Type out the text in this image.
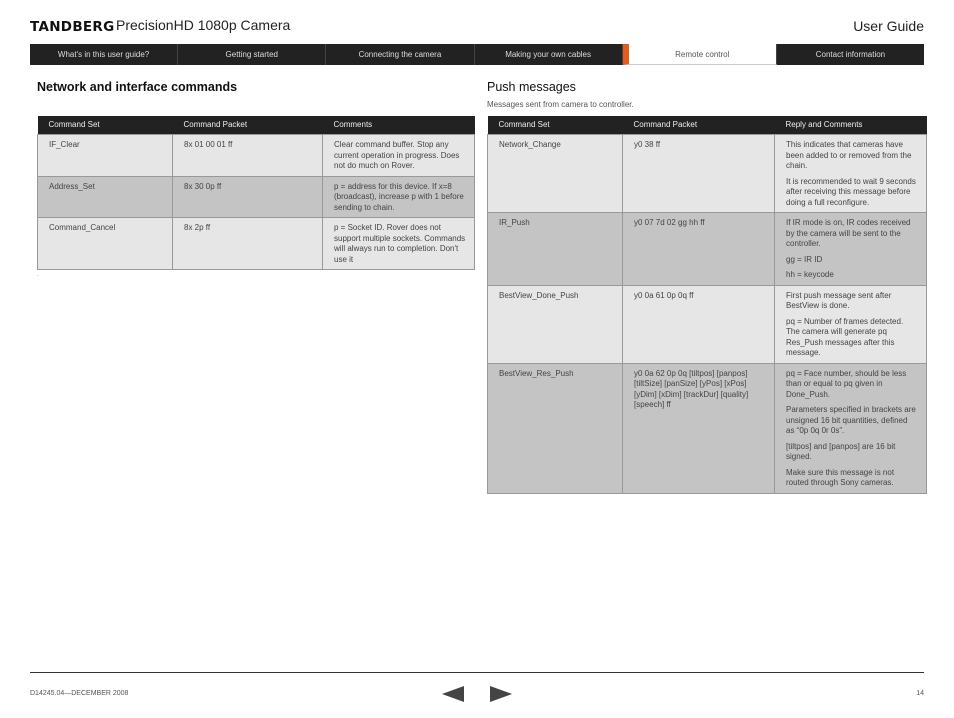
TANDBERG PrecisionHD 1080p Camera	User Guide
What's in this user guide?	Getting started	Connecting the camera	Making your own cables	Remote control	Contact information
Network and interface commands
Command Set	Command Packet	Comments
IF_Clear	8x 01 00 01 ff	Clear command buffer. Stop any current operation in progress. Does not do much on Rover.

Address_Set	8x 30 0p ff	p = address for this device. If x=8 (broadcast), increase p with 1 before sending to chain.

Command_Cancel	8x 2p ff	p = Socket ID. Rover does not support multiple sockets. Commands will always run to completion. Don't use it

.
Push messages
Messages sent from camera to controller.
Command Set	Command Packet	Reply and Comments
Network_Change	y0 38 ff	This indicates that cameras have been added to or removed from the chain.

It is recommended to wait 9 seconds after receiving this message before doing a full reconfigure.

IR_Push	y0 07 7d 02 gg hh ff	If IR mode is on, IR codes received by the camera will be sent to the controller.

gg = IR ID

hh = keycode

BestView_Done_Push	y0 0a 61 0p 0q ff	First push message sent after BestView is done.

pq = Number of frames detected. The camera will generate pq Res_Push messages after this message.

BestView_Res_Push	y0 0a 62 0p 0q [tiltpos] [panpos] [tiltSize] [panSize] [yPos] [xPos] [yDim] [xDim] [trackDur] [quality] [speech] ff	pq = Face number, should be less than or equal to pq given in Done_Push.

Parameters specified in brackets are unsigned 16 bit quantities, defined as “0p 0q 0r 0s”.

[tiltpos] and [panpos] are 16 bit signed.

Make sure this message is not routed through Sony cameras.

D14245.04—DECEMBER 2008	14
